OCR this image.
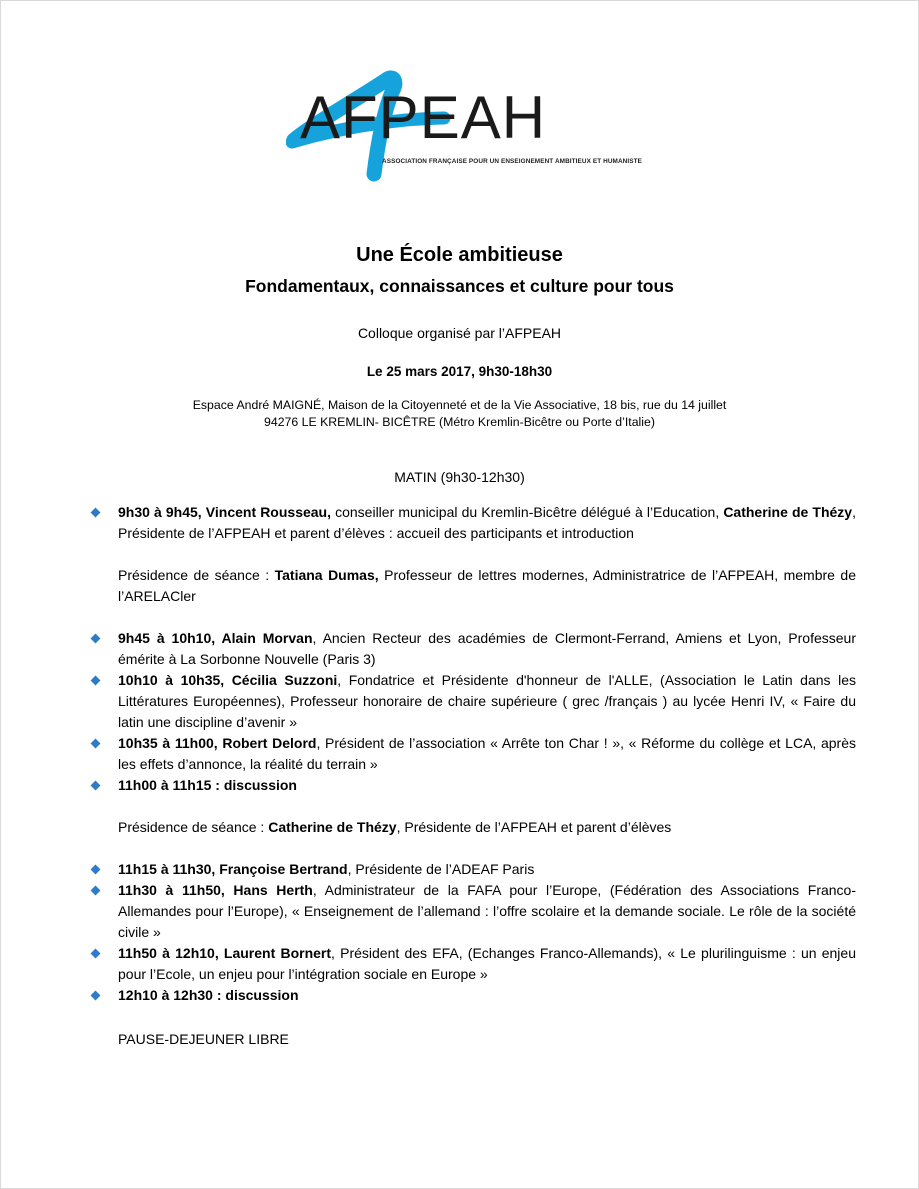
AFPEAH
ASSOCIATION FRANÇAISE POUR UN ENSEIGNEMENT AMBITIEUX ET HUMANISTE
Une École ambitieuse
Fondamentaux, connaissances et culture pour tous
Colloque organisé par l’AFPEAH
Le 25 mars 2017, 9h30-18h30
Espace André MAIGNÉ, Maison de la Citoyenneté et de la Vie Associative, 18 bis, rue du 14 juillet
94276 LE KREMLIN- BICÊTRE (Métro Kremlin-Bicêtre ou Porte d’Italie)
MATIN (9h30-12h30)
9h30 à 9h45, Vincent Rousseau, conseiller municipal du Kremlin-Bicêtre délégué à l’Education, Catherine de Thézy, Présidente de l’AFPEAH et parent d’élèves : accueil des participants et introduction
Présidence de séance : Tatiana Dumas, Professeur de lettres modernes, Administratrice de l’AFPEAH, membre de l’ARELACler
9h45 à 10h10, Alain Morvan, Ancien Recteur des académies de Clermont-Ferrand, Amiens et Lyon, Professeur émérite à La Sorbonne Nouvelle (Paris 3)
10h10 à 10h35, Cécilia Suzzoni, Fondatrice et Présidente d'honneur de l'ALLE, (Association le Latin dans les Littératures Européennes), Professeur honoraire de chaire supérieure ( grec /français ) au lycée Henri IV, « Faire du latin une discipline d’avenir »
10h35 à 11h00, Robert Delord, Président de l’association « Arrête ton Char ! », « Réforme du collège et LCA, après les effets d’annonce, la réalité du terrain »
11h00 à 11h15 : discussion
Présidence de séance : Catherine de Thézy, Présidente de l’AFPEAH et parent d’élèves
11h15 à 11h30, Françoise Bertrand, Présidente de l’ADEAF Paris
11h30 à 11h50, Hans Herth, Administrateur de la FAFA pour l’Europe, (Fédération des Associations Franco-Allemandes pour l’Europe), « Enseignement de l’allemand : l’offre scolaire et la demande sociale. Le rôle de la société civile »
11h50 à 12h10, Laurent Bornert, Président des EFA, (Echanges Franco-Allemands), « Le plurilinguisme : un enjeu pour l’Ecole, un enjeu pour l’intégration sociale en Europe »
12h10 à 12h30 : discussion
PAUSE-DEJEUNER LIBRE
